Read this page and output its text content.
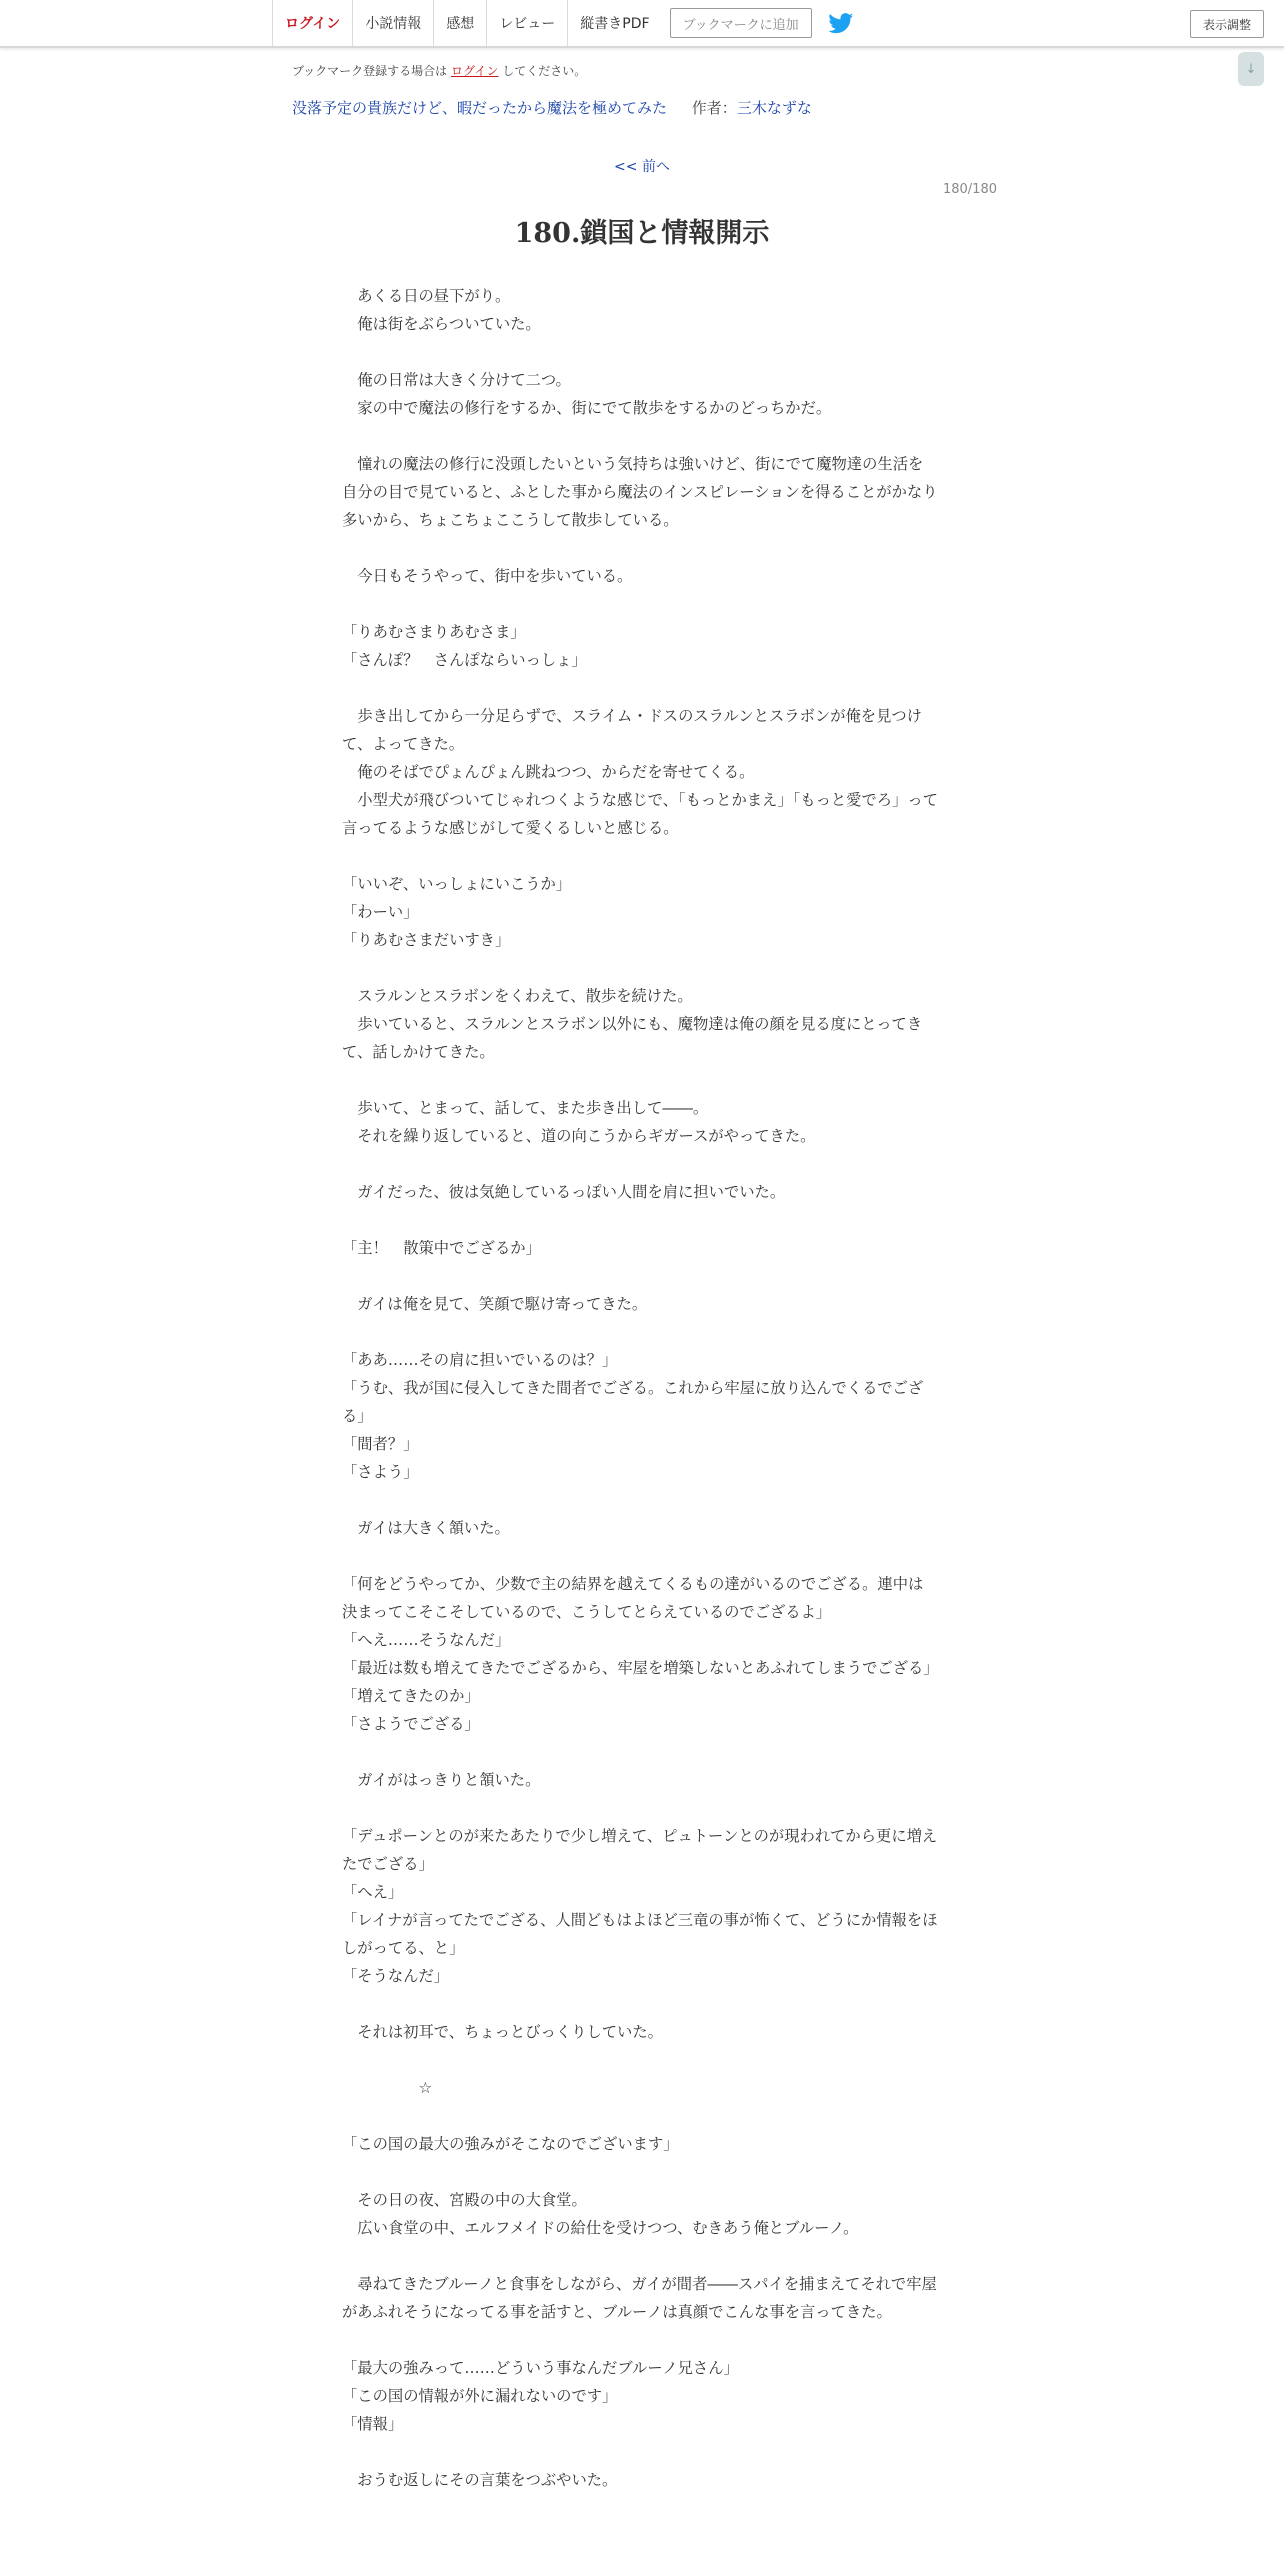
ログイン	小説情報	感想	レビュー	縦書きPDF	ブックマークに追加	表示調整
↓
ブックマーク登録する場合は ログイン してください。
没落予定の貴族だけど、暇だったから魔法を極めてみた 作者：三木なずな
<< 前へ
180/180
180.鎖国と情報開示

　あくる日の昼下がり。

　俺は街をぶらついていた。

　俺の日常は大きく分けて二つ。

　家の中で魔法の修行をするか、街にでて散歩をするかのどっちかだ。

　憧れの魔法の修行に没頭したいという気持ちは強いけど、街にでて魔物達の生活を自分の目で見ていると、ふとした事から魔法のインスピレーションを得ることがかなり多いから、ちょこちょここうして散歩している。

　今日もそうやって、街中を歩いている。

「りあむさまりあむさま」

「さんぽ？　さんぽならいっしょ」

　歩き出してから一分足らずで、スライム・ドスのスラルンとスラボンが俺を見つけて、よってきた。

　俺のそばでぴょんぴょん跳ねつつ、からだを寄せてくる。

　小型犬が飛びついてじゃれつくような感じで、「もっとかまえ」「もっと愛でろ」って言ってるような感じがして愛くるしいと感じる。

「いいぞ、いっしょにいこうか」

「わーい」

「りあむさまだいすき」

　スラルンとスラボンをくわえて、散歩を続けた。

　歩いていると、スラルンとスラボン以外にも、魔物達は俺の顔を見る度にとってきて、話しかけてきた。

　歩いて、とまって、話して、また歩き出して――。

　それを繰り返していると、道の向こうからギガースがやってきた。

　ガイだった、彼は気絶しているっぽい人間を肩に担いでいた。

「主！　散策中でござるか」

　ガイは俺を見て、笑顔で駆け寄ってきた。

「ああ……その肩に担いでいるのは？」

「うむ、我が国に侵入してきた間者でござる。これから牢屋に放り込んでくるでござる」

「間者？」

「さよう」

　ガイは大きく頷いた。

「何をどうやってか、少数で主の結界を越えてくるもの達がいるのでござる。連中は決まってこそこそしているので、こうしてとらえているのでござるよ」

「へえ……そうなんだ」

「最近は数も増えてきたでござるから、牢屋を増築しないとあふれてしまうでござる」

「増えてきたのか」

「さようでござる」

　ガイがはっきりと頷いた。

「デュポーンとのが来たあたりで少し増えて、ピュトーンとのが現われてから更に増えたでござる」

「へえ」

「レイナが言ってたでござる、人間どもはよほど三竜の事が怖くて、どうにか情報をほしがってる、と」

「そうなんだ」

　それは初耳で、ちょっとびっくりしていた。

　　　　　☆

「この国の最大の強みがそこなのでございます」

　その日の夜、宮殿の中の大食堂。

　広い食堂の中、エルフメイドの給仕を受けつつ、むきあう俺とブルーノ。

　尋ねてきたブルーノと食事をしながら、ガイが間者――スパイを捕まえてそれで牢屋があふれそうになってる事を話すと、ブルーノは真顔でこんな事を言ってきた。

「最大の強みって……どういう事なんだブルーノ兄さん」

「この国の情報が外に漏れないのです」

「情報」

　おうむ返しにその言葉をつぶやいた。
